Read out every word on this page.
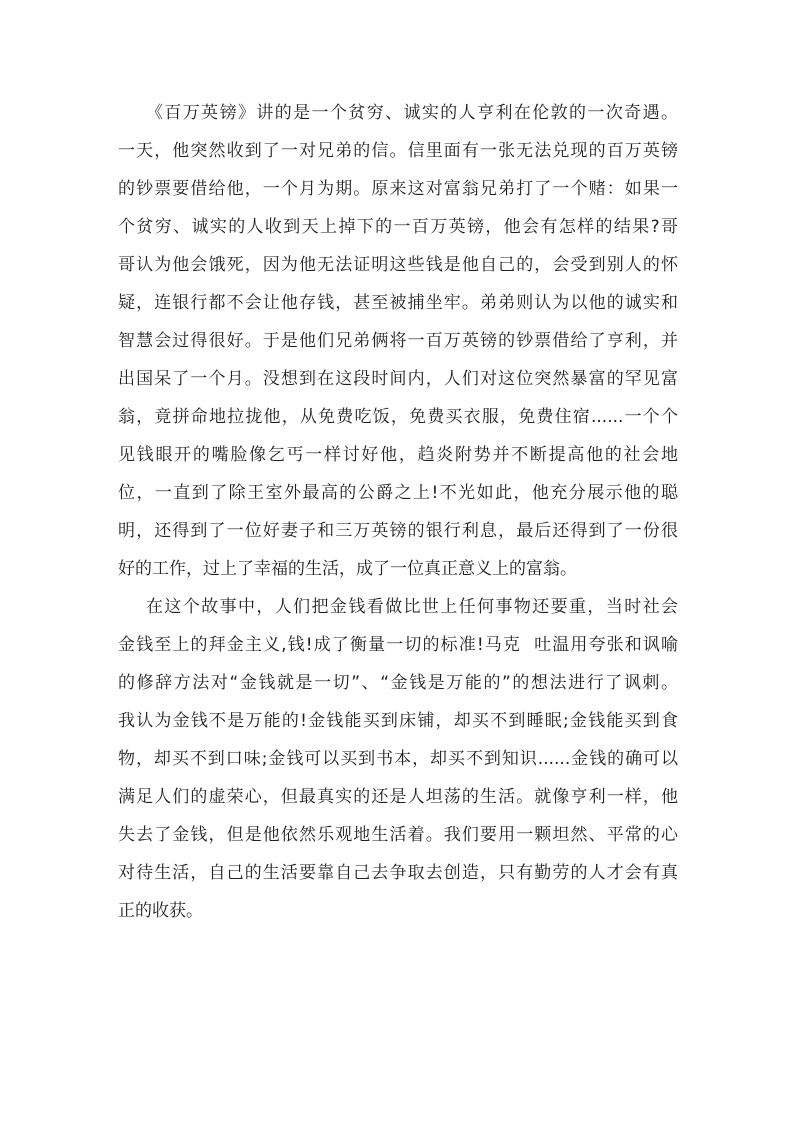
《百万英镑》讲的是一个贫穷、诚实的人亨利在伦敦的一次奇遇。
一天，他突然收到了一对兄弟的信。信里面有一张无法兑现的百万英镑
的钞票要借给他，一个月为期。原来这对富翁兄弟打了一个赌：如果一
个贫穷、诚实的人收到天上掉下的一百万英镑，他会有怎样的结果?哥
哥认为他会饿死，因为他无法证明这些钱是他自己的，会受到别人的怀
疑，连银行都不会让他存钱，甚至被捕坐牢。弟弟则认为以他的诚实和
智慧会过得很好。于是他们兄弟俩将一百万英镑的钞票借给了亨利，并
出国呆了一个月。没想到在这段时间内，人们对这位突然暴富的罕见富
翁，竟拼命地拉拢他，从免费吃饭，免费买衣服，免费住宿......一个个
见钱眼开的嘴脸像乞丐一样讨好他，趋炎附势并不断提高他的社会地
位，一直到了除王室外最高的公爵之上!不光如此，他充分展示他的聪
明，还得到了一位好妻子和三万英镑的银行利息，最后还得到了一份很
好的工作，过上了幸福的生活，成了一位真正意义上的富翁。
在这个故事中，人们把金钱看做比世上任何事物还要重，当时社会
金钱至上的拜金主义,钱!成了衡量一切的标准!马克  吐温用夸张和讽喻
的修辞方法对“金钱就是一切”、“金钱是万能的”的想法进行了讽刺。
我认为金钱不是万能的!金钱能买到床铺，却买不到睡眠;金钱能买到食
物，却买不到口味;金钱可以买到书本，却买不到知识......金钱的确可以
满足人们的虚荣心，但最真实的还是人坦荡的生活。就像亨利一样，他
失去了金钱，但是他依然乐观地生活着。我们要用一颗坦然、平常的心
对待生活，自己的生活要靠自己去争取去创造，只有勤劳的人才会有真
正的收获。
